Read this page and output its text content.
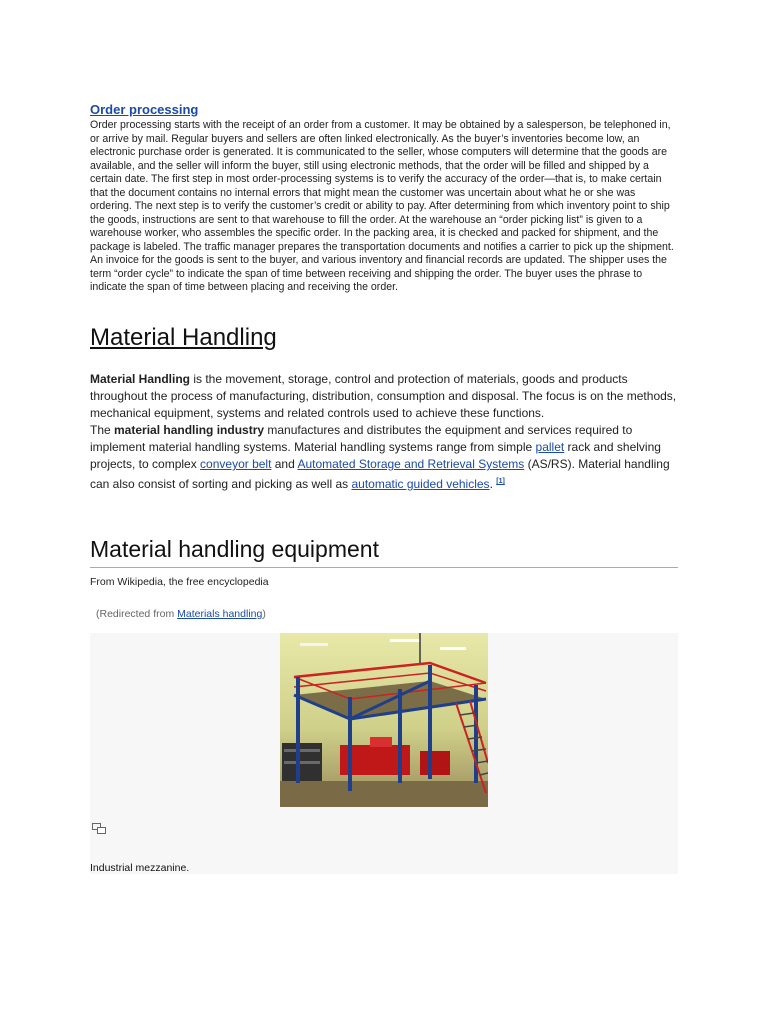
Order processing

Order processing starts with the receipt of an order from a customer. It may be obtained by a salesperson, be telephoned in, or arrive by mail. Regular buyers and sellers are often linked electronically. As the buyer’s inventories become low, an electronic purchase order is generated. It is communicated to the seller, whose computers will determine that the goods are available, and the seller will inform the buyer, still using electronic methods, that the order will be filled and shipped by a certain date. The first step in most order-processing systems is to verify the accuracy of the order—that is, to make certain that the document contains no internal errors that might mean the customer was uncertain about what he or she was ordering. The next step is to verify the customer’s credit or ability to pay. After determining from which inventory point to ship the goods, instructions are sent to that warehouse to fill the order. At the warehouse an “order picking list” is given to a warehouse worker, who assembles the specific order. In the packing area, it is checked and packed for shipment, and the package is labeled. The traffic manager prepares the transportation documents and notifies a carrier to pick up the shipment. An invoice for the goods is sent to the buyer, and various inventory and financial records are updated. The shipper uses the term “order cycle” to indicate the span of time between receiving and shipping the order. The buyer uses the phrase to indicate the span of time between placing and receiving the order.

Material Handling

Material Handling is the movement, storage, control and protection of materials, goods and products throughout the process of manufacturing, distribution, consumption and disposal. The focus is on the methods, mechanical equipment, systems and related controls used to achieve these functions.
The material handling industry manufactures and distributes the equipment and services required to implement material handling systems. Material handling systems range from simple pallet rack and shelving projects, to complex conveyor belt and Automated Storage and Retrieval Systems (AS/RS). Material handling can also consist of sorting and picking as well as automatic guided vehicles. [1]

Material handling equipment
From Wikipedia, the free encyclopedia
(Redirected from Materials handling)
Industrial mezzanine.
